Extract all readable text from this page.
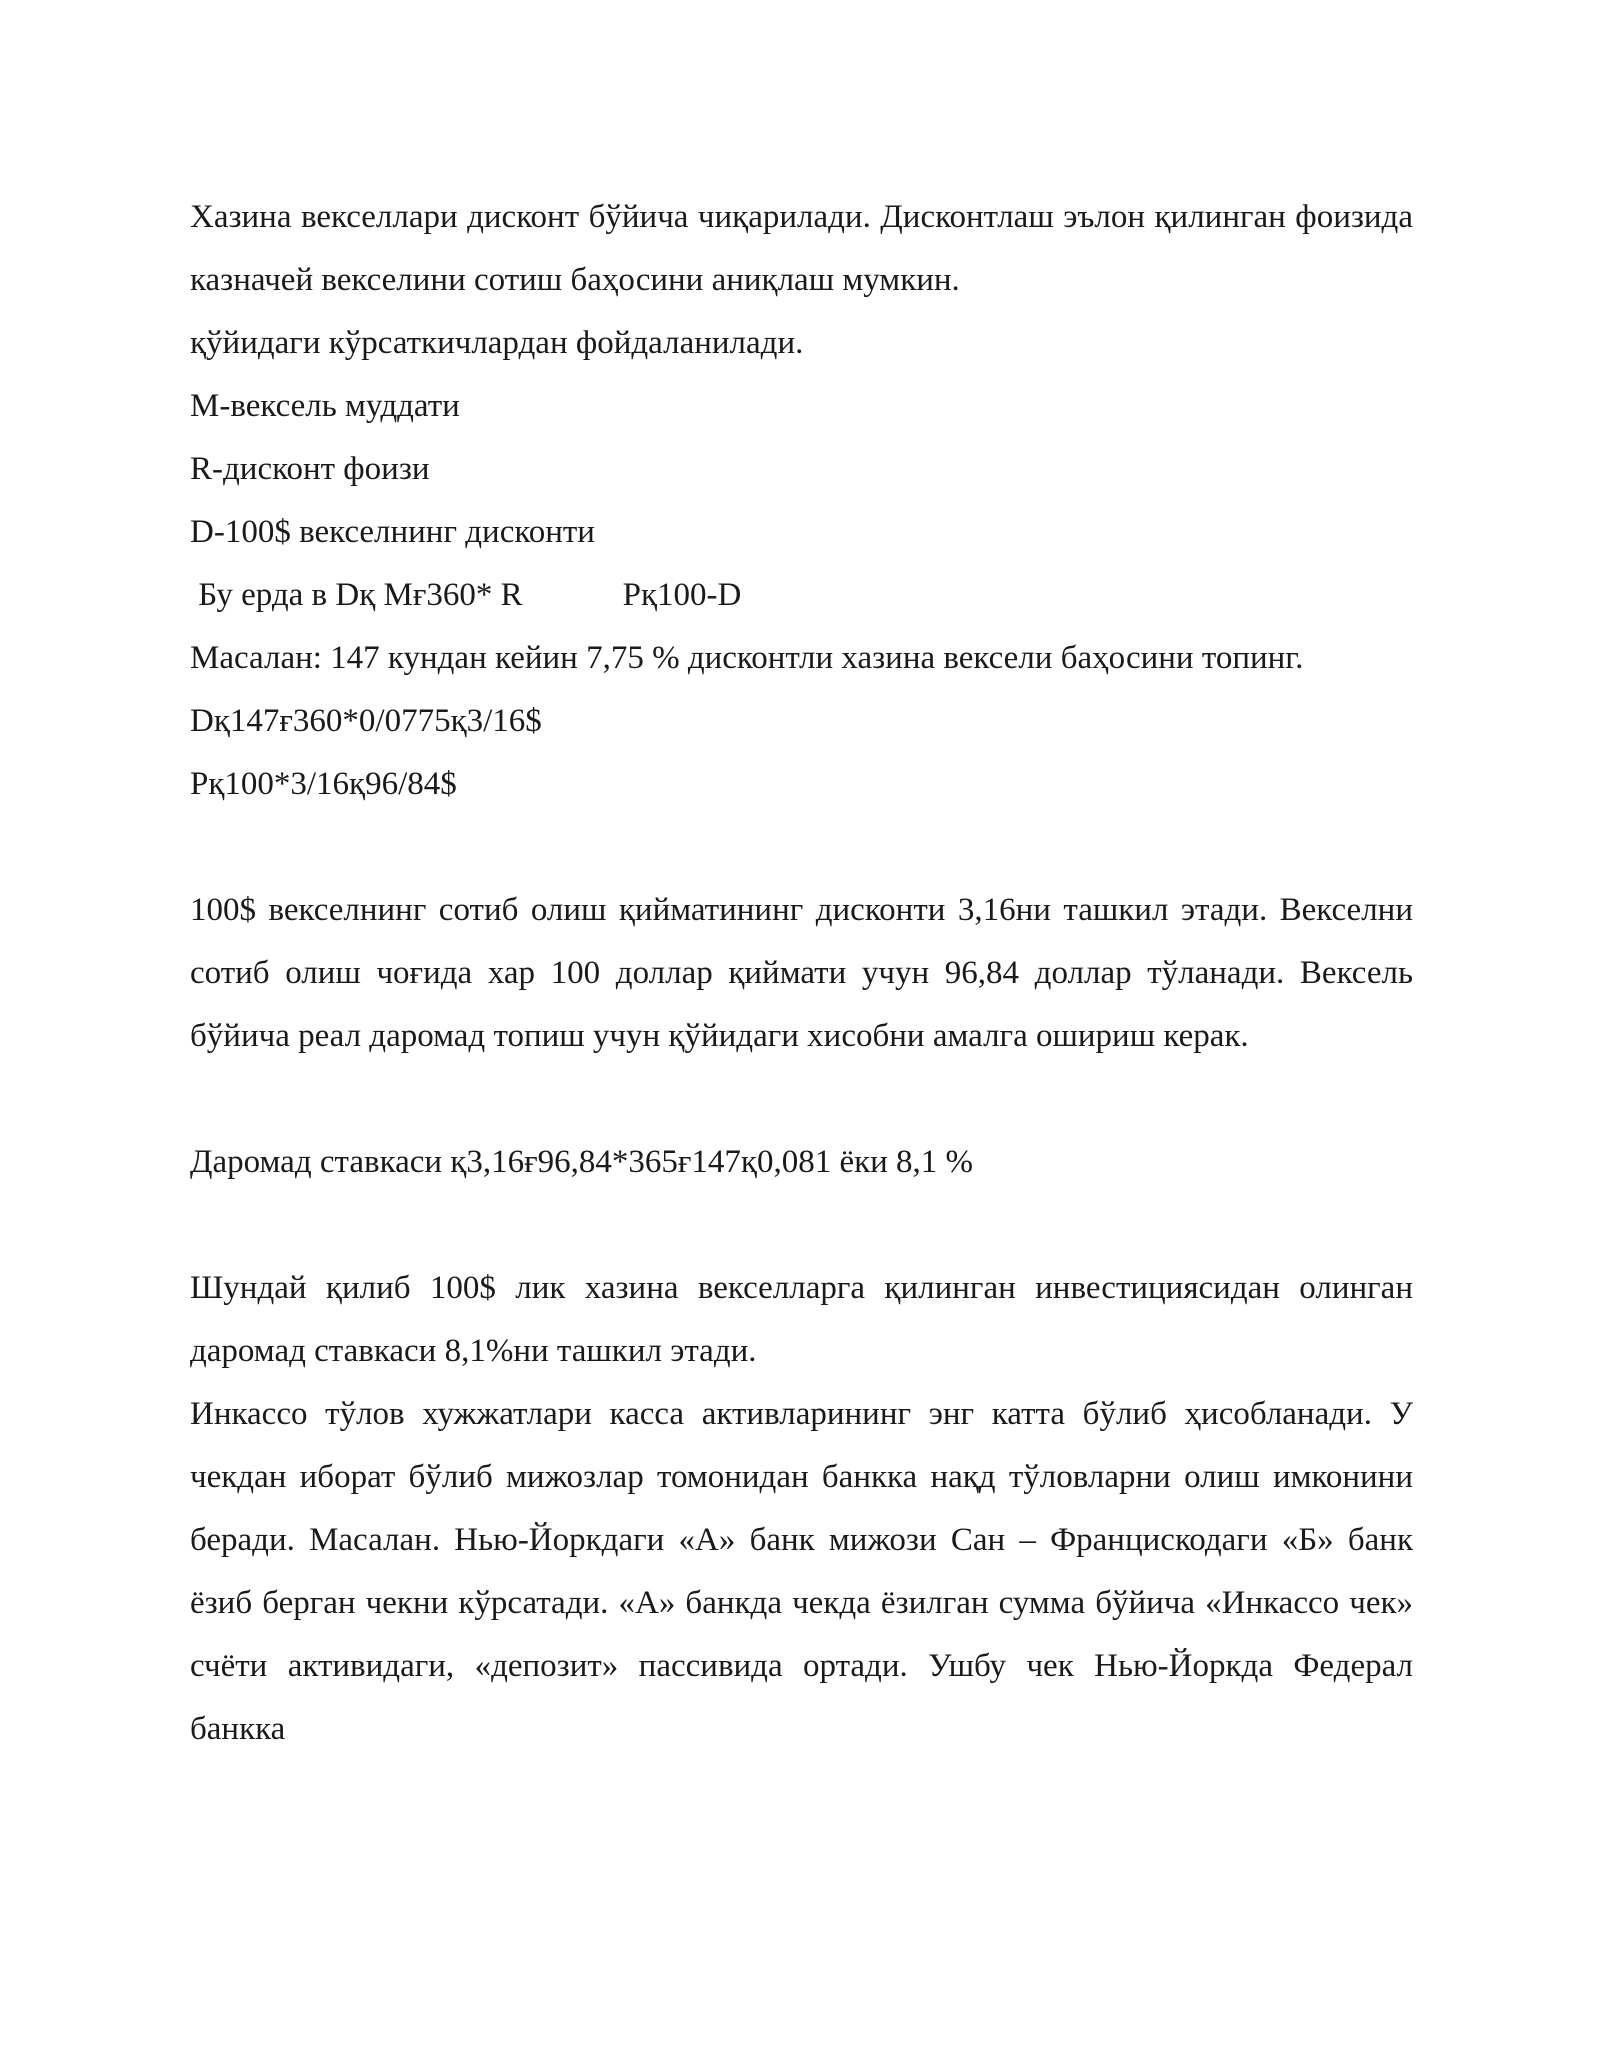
Хазина векселлари дисконт бўйича чиқарилади. Дисконтлаш эълон қилинган фоизида казначей векселини сотиш баҳосини аниқлаш мумкин.
қўйидаги кўрсаткичлардан фойдаланилади.
М-вексель муддати
R-дисконт фоизи
D-100$ векселнинг дисконти
Бу ерда в Dқ Mғ360* R	Рқ100-D
Масалан: 147 кундан кейин 7,75 % дисконтли хазина вексели баҳосини топинг.
Dқ147ғ360*0/0775қ3/16$
Рқ100*3/16қ96/84$
100$ векселнинг сотиб олиш қийматининг дисконти 3,16ни ташкил этади. Векселни сотиб олиш чоғида хар 100 доллар қиймати учун 96,84 доллар тўланади. Вексель бўйича реал даромад топиш учун қўйидаги хисобни амалга ошириш керак.
Даромад ставкаси қ3,16ғ96,84*365ғ147қ0,081 ёки 8,1 %
Шундай қилиб 100$ лик хазина векселларга қилинган инвестициясидан олинган даромад ставкаси 8,1%ни ташкил этади.
Инкассо тўлов хужжатлари касса активларининг энг катта бўлиб ҳисобланади. У чекдан иборат бўлиб мижозлар томонидан банкка нақд тўловларни олиш имконини беради. Масалан. Нью-Йоркдаги «А» банк мижози Сан – Францискодаги «Б» банк ёзиб берган чекни кўрсатади. «А» банкда чекда ёзилган сумма бўйича «Инкассо чек» счёти активидаги, «депозит» пассивида ортади. Ушбу чек Нью-Йоркда Федерал банкка
